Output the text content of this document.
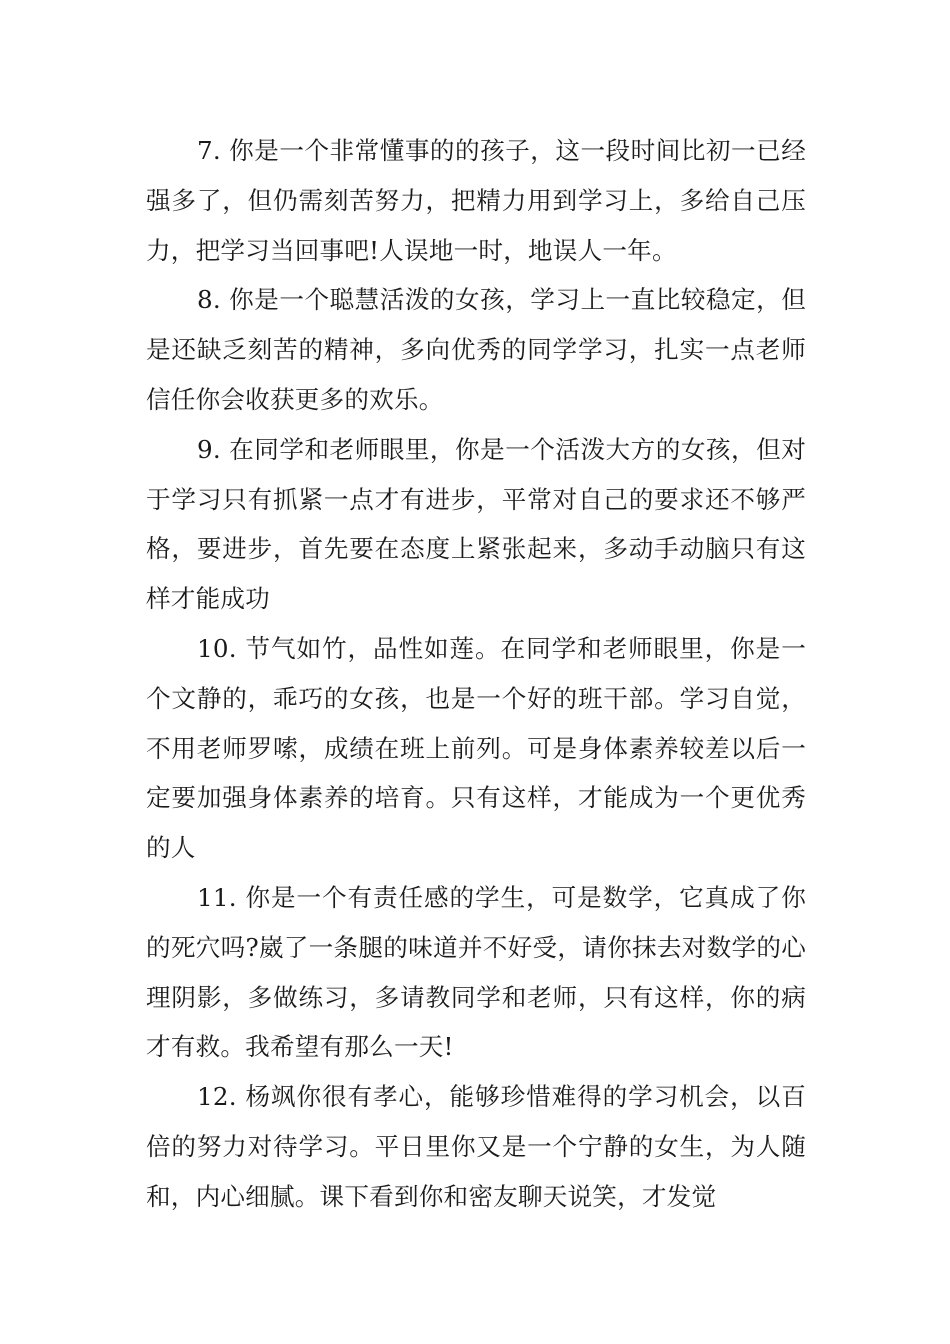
7. 你是一个非常懂事的的孩子，这一段时间比初一已经强多了，但仍需刻苦努力，把精力用到学习上，多给自己压力，把学习当回事吧!人误地一时，地误人一年。

8. 你是一个聪慧活泼的女孩，学习上一直比较稳定，但是还缺乏刻苦的精神，多向优秀的同学学习，扎实一点老师信任你会收获更多的欢乐。

9. 在同学和老师眼里，你是一个活泼大方的女孩，但对于学习只有抓紧一点才有进步，平常对自己的要求还不够严格，要进步，首先要在态度上紧张起来，多动手动脑只有这样才能成功

10. 节气如竹，品性如莲。在同学和老师眼里，你是一个文静的，乖巧的女孩，也是一个好的班干部。学习自觉，不用老师罗嗦，成绩在班上前列。可是身体素养较差以后一定要加强身体素养的培育。只有这样，才能成为一个更优秀的人

11. 你是一个有责任感的学生，可是数学，它真成了你的死穴吗?崴了一条腿的味道并不好受，请你抹去对数学的心理阴影，多做练习，多请教同学和老师，只有这样，你的病才有救。我希望有那么一天!

12. 杨飒你很有孝心，能够珍惜难得的学习机会，以百倍的努力对待学习。平日里你又是一个宁静的女生，为人随和，内心细腻。课下看到你和密友聊天说笑，才发觉
